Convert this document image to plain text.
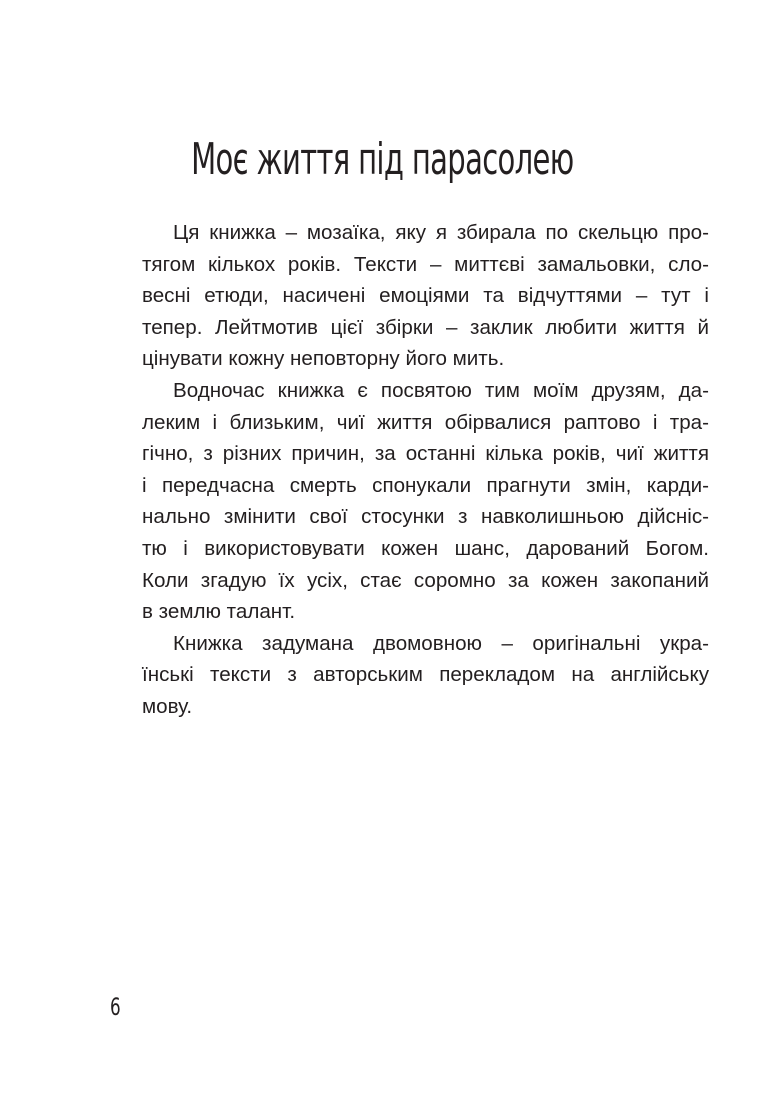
Моє життя під парасолею

Ця книжка – мозаїка, яку я збирала по скельцю про-
тягом кількох років. Тексти – миттєві замальовки, сло-
весні етюди, насичені емоціями та відчуттями – тут і
тепер. Лейтмотив цієї збірки – заклик любити життя й
цінувати кожну неповторну його мить.

Водночас книжка є посвятою тим моїм друзям, да-
леким і близьким, чиї життя обірвалися раптово і тра-
гічно, з різних причин, за останні кілька років, чиї життя
і передчасна смерть спонукали прагнути змін, карди-
нально змінити свої стосунки з навколишньою дійсніс-
тю і використовувати кожен шанс, дарований Богом.
Коли згадую їх усіх, стає соромно за кожен закопаний
в землю талант.

Книжка задумана двомовною – оригінальні укра-
їнські тексти з авторським перекладом на англійську
мову.

6
